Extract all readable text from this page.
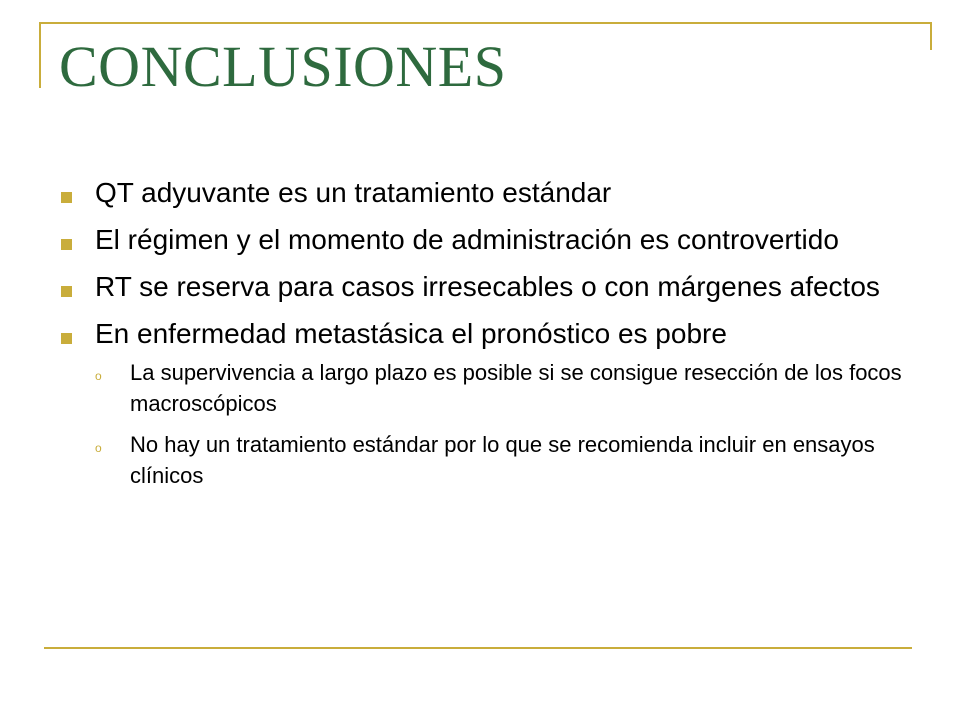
CONCLUSIONES
QT adyuvante es un tratamiento estándar
El régimen y el momento de administración es controvertido
RT se reserva para casos irresecables o con márgenes afectos
En enfermedad metastásica el pronóstico es pobre
o La supervivencia a largo plazo es posible si se consigue resección de los focos macroscópicos
o No hay un tratamiento estándar por lo que se recomienda incluir en ensayos clínicos
